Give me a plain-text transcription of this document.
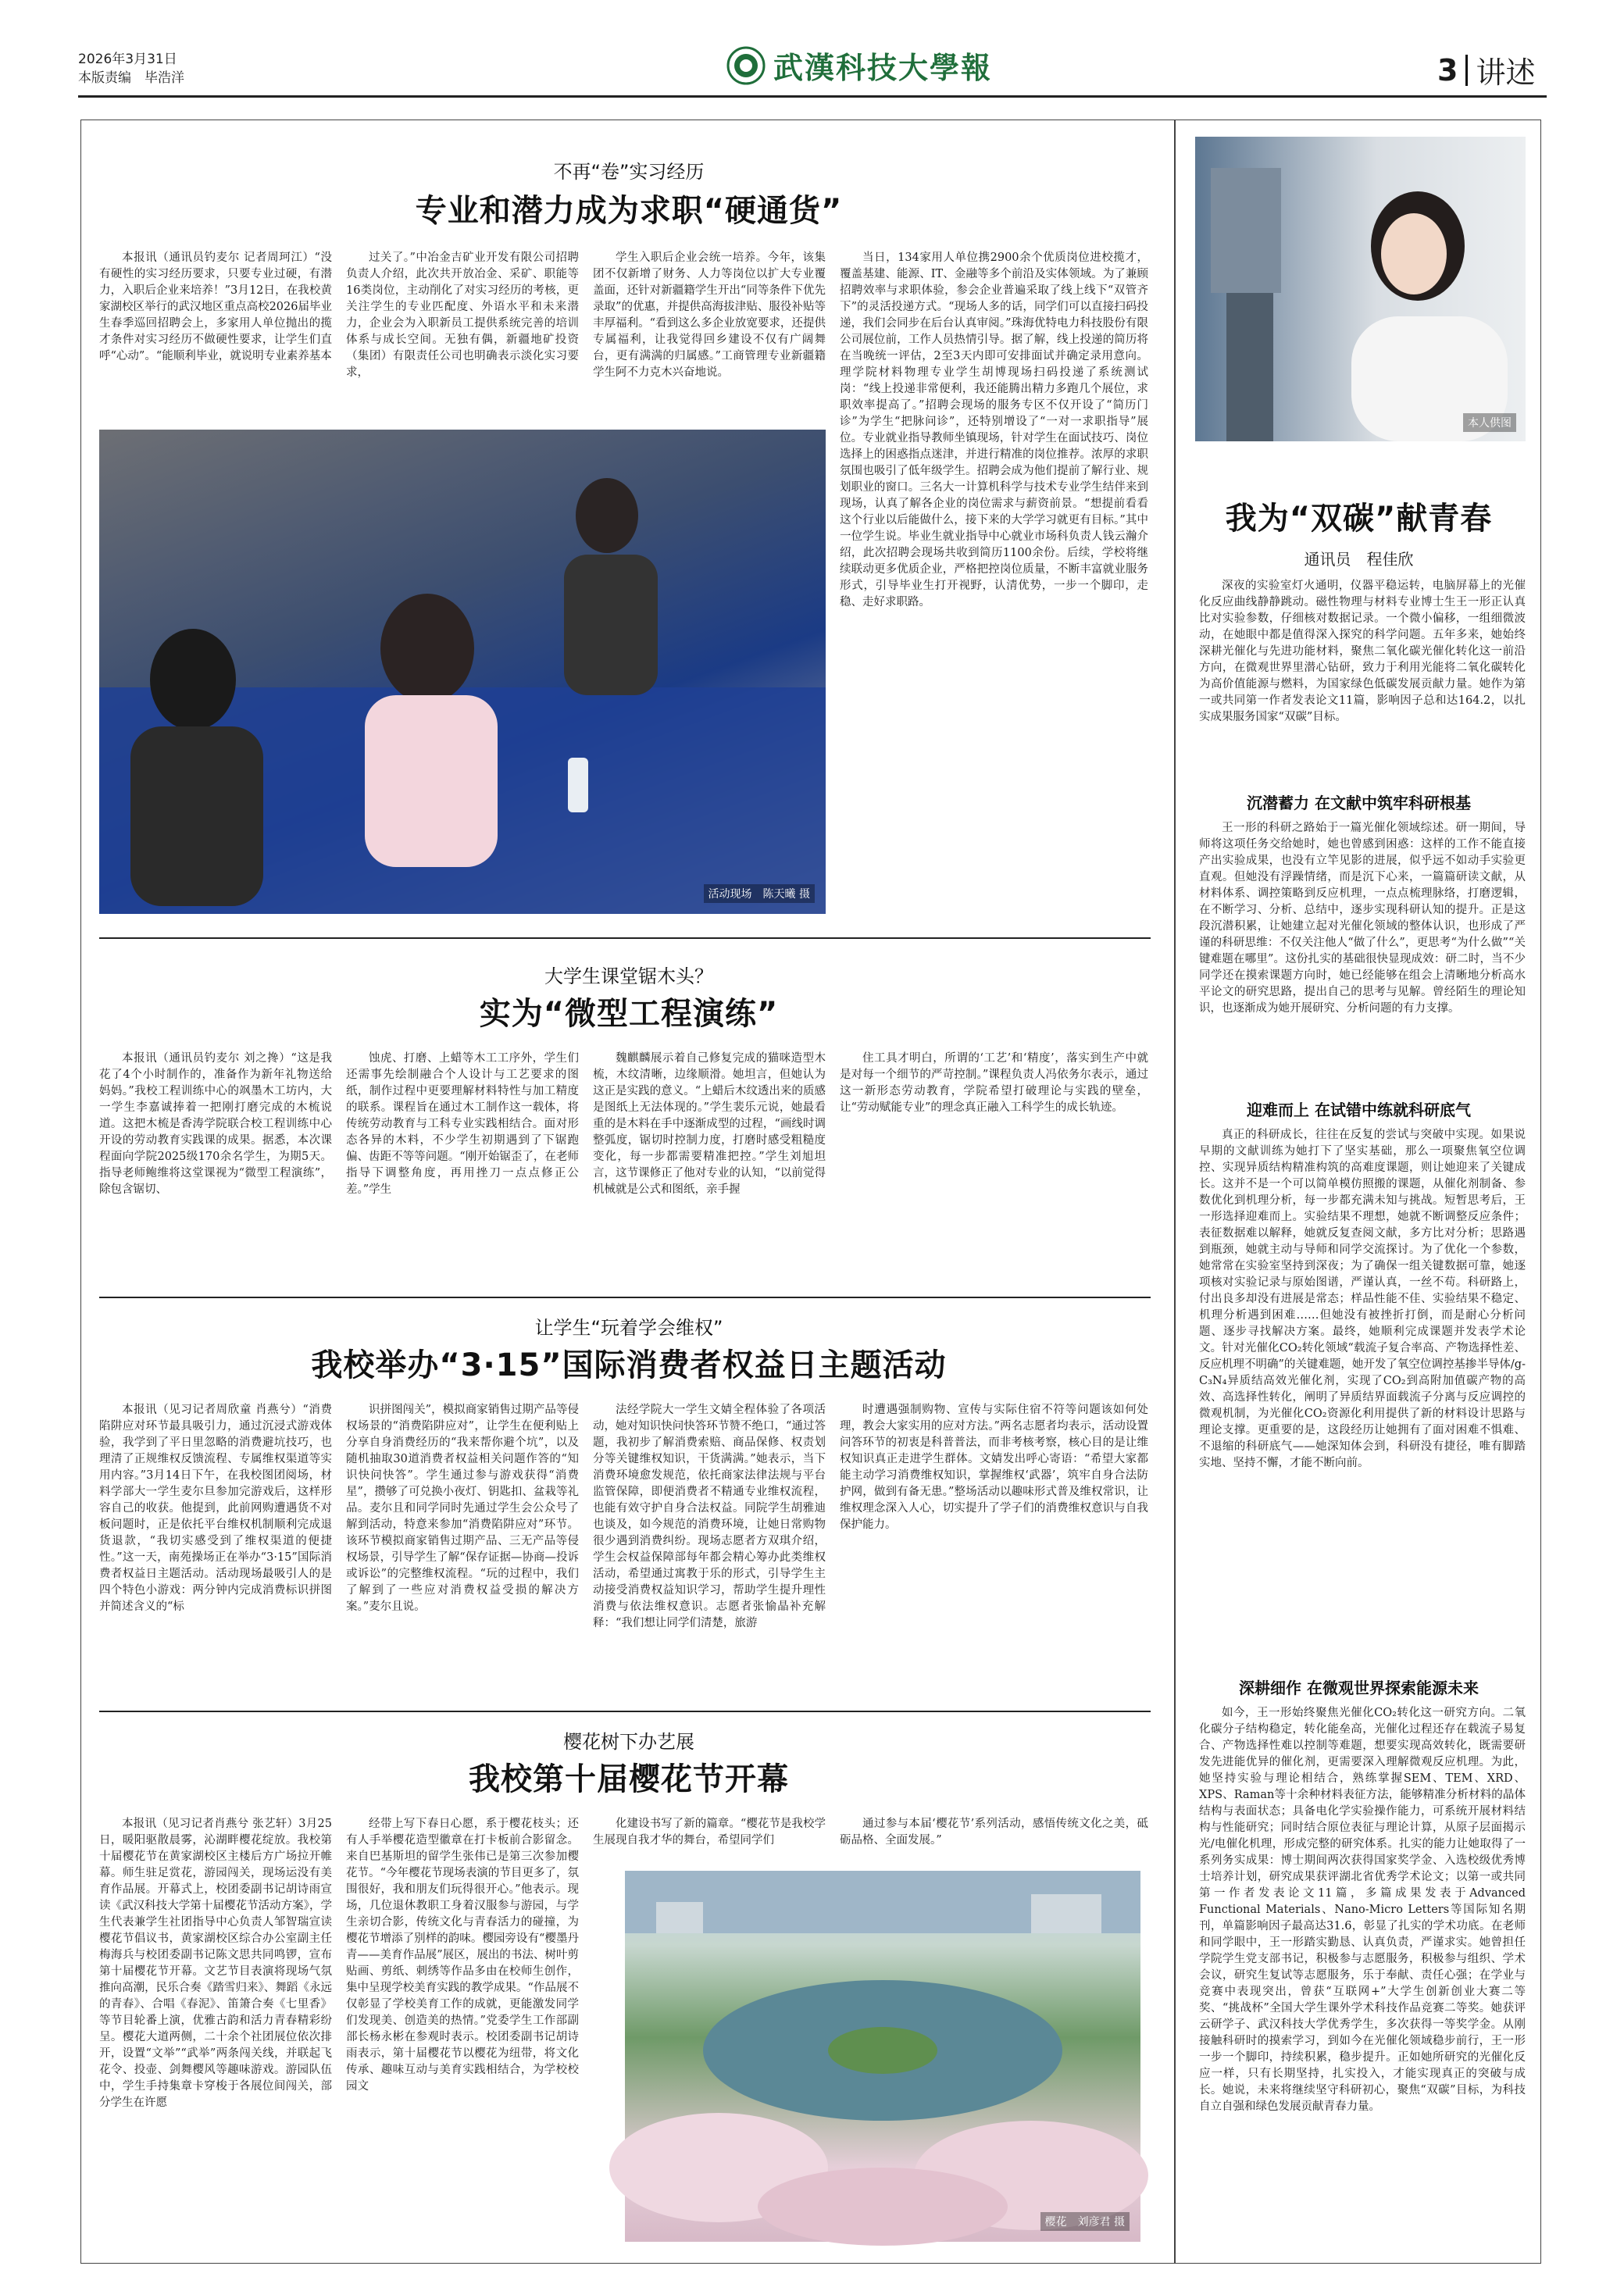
2026年3月31日
本版责编　毕浩洋	武漢科技大學報	3 讲述
不再“卷”实习经历
专业和潜力成为求职“硬通货”

本报讯（通讯员钓麦尔 记者周珂江）“没有硬性的实习经历要求，只要专业过硬，有潜力，入职后企业来培养！”3月12日，在我校黄家湖校区举行的武汉地区重点高校2026届毕业生春季巡回招聘会上，多家用人单位抛出的揽才条件对实习经历不做硬性要求，让学生们直呼“心动”。“能顺利毕业，就说明专业素养基本

过关了。”中冶金吉矿业开发有限公司招聘负责人介绍，此次共开放冶金、采矿、职能等16类岗位，主动削化了对实习经历的考核，更关注学生的专业匹配度、外语水平和未来潜力，企业会为入职新员工提供系统完善的培训体系与成长空间。无独有偶，新疆地矿投资（集团）有限责任公司也明确表示淡化实习要求，

学生入职后企业会统一培养。今年，该集团不仅新增了财务、人力等岗位以扩大专业覆盖面，还针对新疆籍学生开出“同等条件下优先录取”的优惠，并提供高海拔津贴、服役补贴等丰厚福利。“看到这么多企业放宽要求，还提供专属福利，让我觉得回乡建设不仅有广阔舞台，更有满满的归属感。”工商管理专业新疆籍学生阿不力克木兴奋地说。

当日，134家用人单位携2900余个优质岗位进校揽才，覆盖基建、能源、IT、金融等多个前沿及实体领域。为了兼顾招聘效率与求职体验，参会企业普遍采取了线上线下“双管齐下”的灵活投递方式。“现场人多的话，同学们可以直接扫码投递，我们会同步在后台认真审阅。”珠海优特电力科技股份有限公司展位前，工作人员热情引导。据了解，线上投递的简历将在当晚统一评估，2至3天内即可安排面试并确定录用意向。理学院材料物理专业学生胡博现场扫码投递了系统测试岗：“线上投递非常便利，我还能腾出精力多跑几个展位，求职效率提高了。”招聘会现场的服务专区不仅开设了“简历门诊”为学生“把脉问诊”，还特别增设了“一对一求职指导”展位。专业就业指导教师坐镇现场，针对学生在面试技巧、岗位选择上的困惑指点迷津，并进行精准的岗位推荐。浓厚的求职氛围也吸引了低年级学生。招聘会成为他们提前了解行业、规划职业的窗口。三名大一计算机科学与技术专业学生结伴来到现场，认真了解各企业的岗位需求与薪资前景。“想提前看看这个行业以后能做什么，接下来的大学学习就更有目标。”其中一位学生说。毕业生就业指导中心就业市场科负责人钱云瀚介绍，此次招聘会现场共收到简历1100余份。后续，学校将继续联动更多优质企业，严格把控岗位质量，不断丰富就业服务形式，引导毕业生打开视野，认清优势，一步一个脚印，走稳、走好求职路。

活动现场　陈天曦 摄
大学生课堂锯木头？
实为“微型工程演练”

本报讯（通讯员钓麦尔 刘之搀）“这是我花了4个小时制作的，准备作为新年礼物送给妈妈。”我校工程训练中心的飒墨木工坊内，大一学生李嘉诚捧着一把刚打磨完成的木梳说道。这把木梳是香涛学院联合校工程训练中心开设的劳动教育实践课的成果。据悉，本次课程面向学院2025级170余名学生，为期5天。指导老师鲍维将这堂课视为“微型工程演练”，除包含锯切、

蚀虎、打磨、上蜡等木工工序外，学生们还需事先绘制融合个人设计与工艺要求的图纸，制作过程中更要理解材料特性与加工精度的联系。课程旨在通过木工制作这一载体，将传统劳动教育与工科专业实践相结合。面对形态各异的木料，不少学生初期遇到了下锯跑偏、齿距不等等问题。“刚开始锯歪了，在老师指导下调整角度，再用挫刀一点点修正公差。”学生

魏麒麟展示着自己修复完成的猫咪造型木梳，木纹清晰，边缘顺滑。她坦言，但她认为这正是实践的意义。“上蜡后木纹透出来的质感是图纸上无法体现的。”学生裴乐元说，她最看重的是木料在手中逐渐成型的过程，“画线时调整弧度，锯切时控制力度，打磨时感受粗糙度变化，每一步都需要精准把控。”学生刘旭坦言，这节课修正了他对专业的认知，“以前觉得机械就是公式和图纸，亲手握

住工具才明白，所谓的‘工艺’和‘精度’，落实到生产中就是对每一个细节的严苛控制。”课程负责人冯依务尔表示，通过这一新形态劳动教育，学院希望打破理论与实践的壁垒，让“劳动赋能专业”的理念真正融入工科学生的成长轨迹。

让学生“玩着学会维权”
我校举办“3·15”国际消费者权益日主题活动

本报讯（见习记者周欣童 肖燕兮）“消费陷阱应对环节最具吸引力，通过沉浸式游戏体验，我学到了平日里忽略的消费避坑技巧，也理清了正规维权反馈流程、专属维权渠道等实用内容。”3月14日下午，在我校图团阅场，材料学部大一学生麦尔旦参加完游戏后，这样形容自己的收获。他提到，此前网购遭遇货不对板问题时，正是依托平台维权机制顺利完成退货退款，“我切实感受到了维权渠道的便捷性。”这一天，南苑操场正在举办“3·15”国际消费者权益日主题活动。活动现场最吸引人的是四个特色小游戏：两分钟内完成消费标识拼图并简述含义的“标

识拼图闯关”，模拟商家销售过期产品等侵权场景的“消费陷阱应对”，让学生在便利贴上分享自身消费经历的“我来帮你避个坑”，以及随机抽取30道消费者权益相关问题作答的“知识快问快答”。学生通过参与游戏获得“消费星”，攒够了可兑换小夜灯、钥匙扣、盆栽等礼品。麦尔且和同学同时先通过学生会公众号了解到活动，特意来参加“消费陷阱应对”环节。该环节模拟商家销售过期产品、三无产品等侵权场景，引导学生了解“保存证据—协商—投诉或诉讼”的完整维权流程。“玩的过程中，我们了解到了一些应对消费权益受损的解决方案。”麦尔且说。

法经学院大一学生文婧全程体验了各项活动，她对知识快问快答环节赞不绝口，“通过答题，我初步了解消费索赔、商品保修、权责划分等关键维权知识，干货满满。”她表示，当下消费环境愈发规范，依托商家法律法规与平台监管保障，即便消费者不精通专业维权流程，也能有效守护自身合法权益。同院学生胡雅迪也谈及，如今规范的消费环境，让她日常购物很少遇到消费纠纷。现场志愿者方双琪介绍，学生会权益保障部每年都会精心筹办此类维权活动，希望通过寓教于乐的形式，引导学生主动接受消费权益知识学习，帮助学生提升理性消费与依法维权意识。志愿者张愉晶补充解释：“我们想让同学们清楚，旅游

时遭遇强制购物、宣传与实际住宿不符等问题该如何处理，教会大家实用的应对方法。”两名志愿者均表示，活动设置问答环节的初衷是科普普法，而非考核考察，核心目的是让维权知识真正走进学生群体。文婧发出呼心寄语：“希望大家都能主动学习消费维权知识，掌握维权‘武器’，筑牢自身合法防护网，做到有备无患。”整场活动以趣味形式普及维权常识，让维权理念深入人心，切实提升了学子们的消费维权意识与自我保护能力。

樱花树下办艺展
我校第十届樱花节开幕

本报讯（见习记者肖燕兮 张艺轩）3月25日，暖阳驱散晨雾，沁湖畔樱花绽放。我校第十届樱花节在黄家湖校区主楼后方广场拉开帷幕。师生驻足赏花，游园闯关，现场运没有美育作品展。开幕式上，校团委副书记胡诗雨宣读《武汉科技大学第十届樱花节活动方案》，学生代表兼学生社团指导中心负责人邹智瑞宣读樱花节倡议书，黄家湖校区综合办公室副主任梅海兵与校团委副书记陈文思共同鸣锣，宣布第十届樱花节开幕。文艺节目表演将现场气氛推向高潮，民乐合奏《踏雪归来》、舞蹈《永远的青春》、合唱《春泥》、笛箫合奏《七里香》等节目轮番上演，优雅古韵和活力青春精彩纷呈。樱花大道两侧，二十余个社团展位依次排开，设置“文举”“武举”两条闯关线，并联起飞花令、投壶、剑舞樱风等趣味游戏。游园队伍中，学生手持集章卡穿梭于各展位间闯关，部分学生在许愿

经带上写下春日心愿，系于樱花枝头；还有人手举樱花造型徽章在打卡板前合影留念。来自巴基斯坦的留学生张伟已是第三次参加樱花节。“今年樱花节现场表演的节目更多了，氛围很好，我和朋友们玩得很开心。”他表示。现场，几位退休教职工身着汉服参与游园，与学生亲切合影，传统文化与青春活力的碰撞，为樱花节增添了别样的韵味。樱园旁设有“樱墨丹青——美育作品展”展区，展出的书法、树叶剪贴画、剪纸、刺绣等作品多由在校师生创作，集中呈现学校美育实践的教学成果。“作品展不仅彰显了学校美育工作的成就，更能激发同学们发现美、创造美的热情。”党委学生工作部副部长杨永彬在参观时表示。校团委副书记胡诗雨表示，第十届樱花节以樱花为纽带，将文化传承、趣味互动与美育实践相结合，为学校校园文

化建设书写了新的篇章。“樱花节是我校学生展现自我才华的舞台，希望同学们

通过参与本届‘樱花节’系列活动，感悟传统文化之美，砥砺品格、全面发展。”

樱花　刘彦君 摄
本人供图
我为“双碳”献青春
通讯员　程佳欣

深夜的实验室灯火通明，仪器平稳运转，电脑屏幕上的光催化反应曲线静静跳动。磁性物理与材料专业博士生王一形正认真比对实验参数，仔细核对数据记录。一个微小偏移，一组细微波动，在她眼中都是值得深入探究的科学问题。五年多来，她始终深耕光催化与先进功能材料，聚焦二氧化碳光催化转化这一前沿方向，在微观世界里潜心钻研，致力于利用光能将二氧化碳转化为高价值能源与燃料，为国家绿色低碳发展贡献力量。她作为第一或共同第一作者发表论文11篇，影响因子总和达164.2，以扎实成果服务国家“双碳”目标。

沉潜蓄力 在文献中筑牢科研根基

王一形的科研之路始于一篇光催化领域综述。研一期间，导师将这项任务交给她时，她也曾感到困惑：这样的工作不能直接产出实验成果，也没有立竿见影的进展，似乎远不如动手实验更直观。但她没有浮躁情绪，而是沉下心来，一篇篇研读文献，从材料体系、调控策略到反应机理，一点点梳理脉络，打磨逻辑，在不断学习、分析、总结中，逐步实现科研认知的提升。正是这段沉潜积累，让她建立起对光催化领域的整体认识，也形成了严谨的科研思维：不仅关注他人“做了什么”，更思考“为什么做”“关键难题在哪里”。这份扎实的基础很快显现成效：研二时，当不少同学还在摸索课题方向时，她已经能够在组会上清晰地分析高水平论文的研究思路，提出自己的思考与见解。曾经陌生的理论知识，也逐渐成为她开展研究、分析问题的有力支撑。

迎难而上 在试错中练就科研底气

真正的科研成长，往往在反复的尝试与突破中实现。如果说早期的文献训练为她打下了坚实基础，那么一项聚焦氧空位调控、实现异质结构精准构筑的高难度课题，则让她迎来了关键成长。这并不是一个可以简单模仿照搬的课题，从催化剂制备、参数优化到机理分析，每一步都充满未知与挑战。短暂思考后，王一形选择迎难而上。实验结果不理想，她就不断调整反应条件；表征数据难以解释，她就反复查阅文献，多方比对分析；思路遇到瓶颈，她就主动与导师和同学交流探讨。为了优化一个参数，她常常在实验室坚持到深夜；为了确保一组关键数据可靠，她逐项核对实验记录与原始图谱，严谨认真，一丝不苟。科研路上，付出良多却没有进展是常态；样品性能不佳、实验结果不稳定、机理分析遇到困难……但她没有被挫折打倒，而是耐心分析问题、逐步寻找解决方案。最终，她顺利完成课题并发表学术论文。针对光催化CO₂转化领域“载流子复合率高、产物选择性差、反应机理不明确”的关键难题，她开发了氧空位调控基掺半导体/g-C₃N₄异质结高效光催化剂，实现了CO₂到高附加值碳产物的高效、高选择性转化，阐明了异质结界面载流子分离与反应调控的微观机制，为光催化CO₂资源化利用提供了新的材料设计思路与理论支撑。更重要的是，这段经历让她拥有了面对困难不惧难、不退缩的科研底气——她深知体会到，科研没有捷径，唯有脚踏实地、坚持不懈，才能不断向前。

深耕细作 在微观世界探索能源未来

如今，王一形始终聚焦光催化CO₂转化这一研究方向。二氧化碳分子结构稳定，转化能垒高，光催化过程还存在载流子易复合、产物选择性难以控制等难题，想要实现高效转化，既需要研发先进能优异的催化剂，更需要深入理解微观反应机理。为此，她坚持实验与理论相结合，熟练掌握SEM、TEM、XRD、XPS、Raman等十余种材料表征方法，能够精准分析材料的晶体结构与表面状态；具备电化学实验操作能力，可系统开展材料结构与性能研究；同时结合原位表征与理论计算，从原子层面揭示光/电催化机理，形成完整的研究体系。扎实的能力让她取得了一系列务实成果：博士期间两次获得国家奖学金、入选校级优秀博士培养计划，研究成果获评湖北省优秀学术论文；以第一或共同第一作者发表论文11篇，多篇成果发表于Advanced Functional Materials、Nano-Micro Letters等国际知名期刊，单篇影响因子最高达31.6，彰显了扎实的学术功底。在老师和同学眼中，王一形踏实勤恳、认真负责，严谨求实。她曾担任学院学生党支部书记，积极参与志愿服务，积极参与组织、学术会议，研究生复试等志愿服务，乐于奉献、责任心强；在学业与竞赛中表现突出，曾获“互联网+”大学生创新创业大赛二等奖、“挑战杯”全国大学生课外学术科技作品竞赛二等奖。她获评云研学子、武汉科技大学优秀学生，多次获得一等奖学金。从刚接触科研时的摸索学习，到如今在光催化领域稳步前行，王一形一步一个脚印，持续积累，稳步提升。正如她所研究的光催化反应一样，只有长期坚持，扎实投入，才能实现真正的突破与成长。她说，未来将继续坚守科研初心，聚焦“双碳”目标，为科技自立自强和绿色发展贡献青春力量。
